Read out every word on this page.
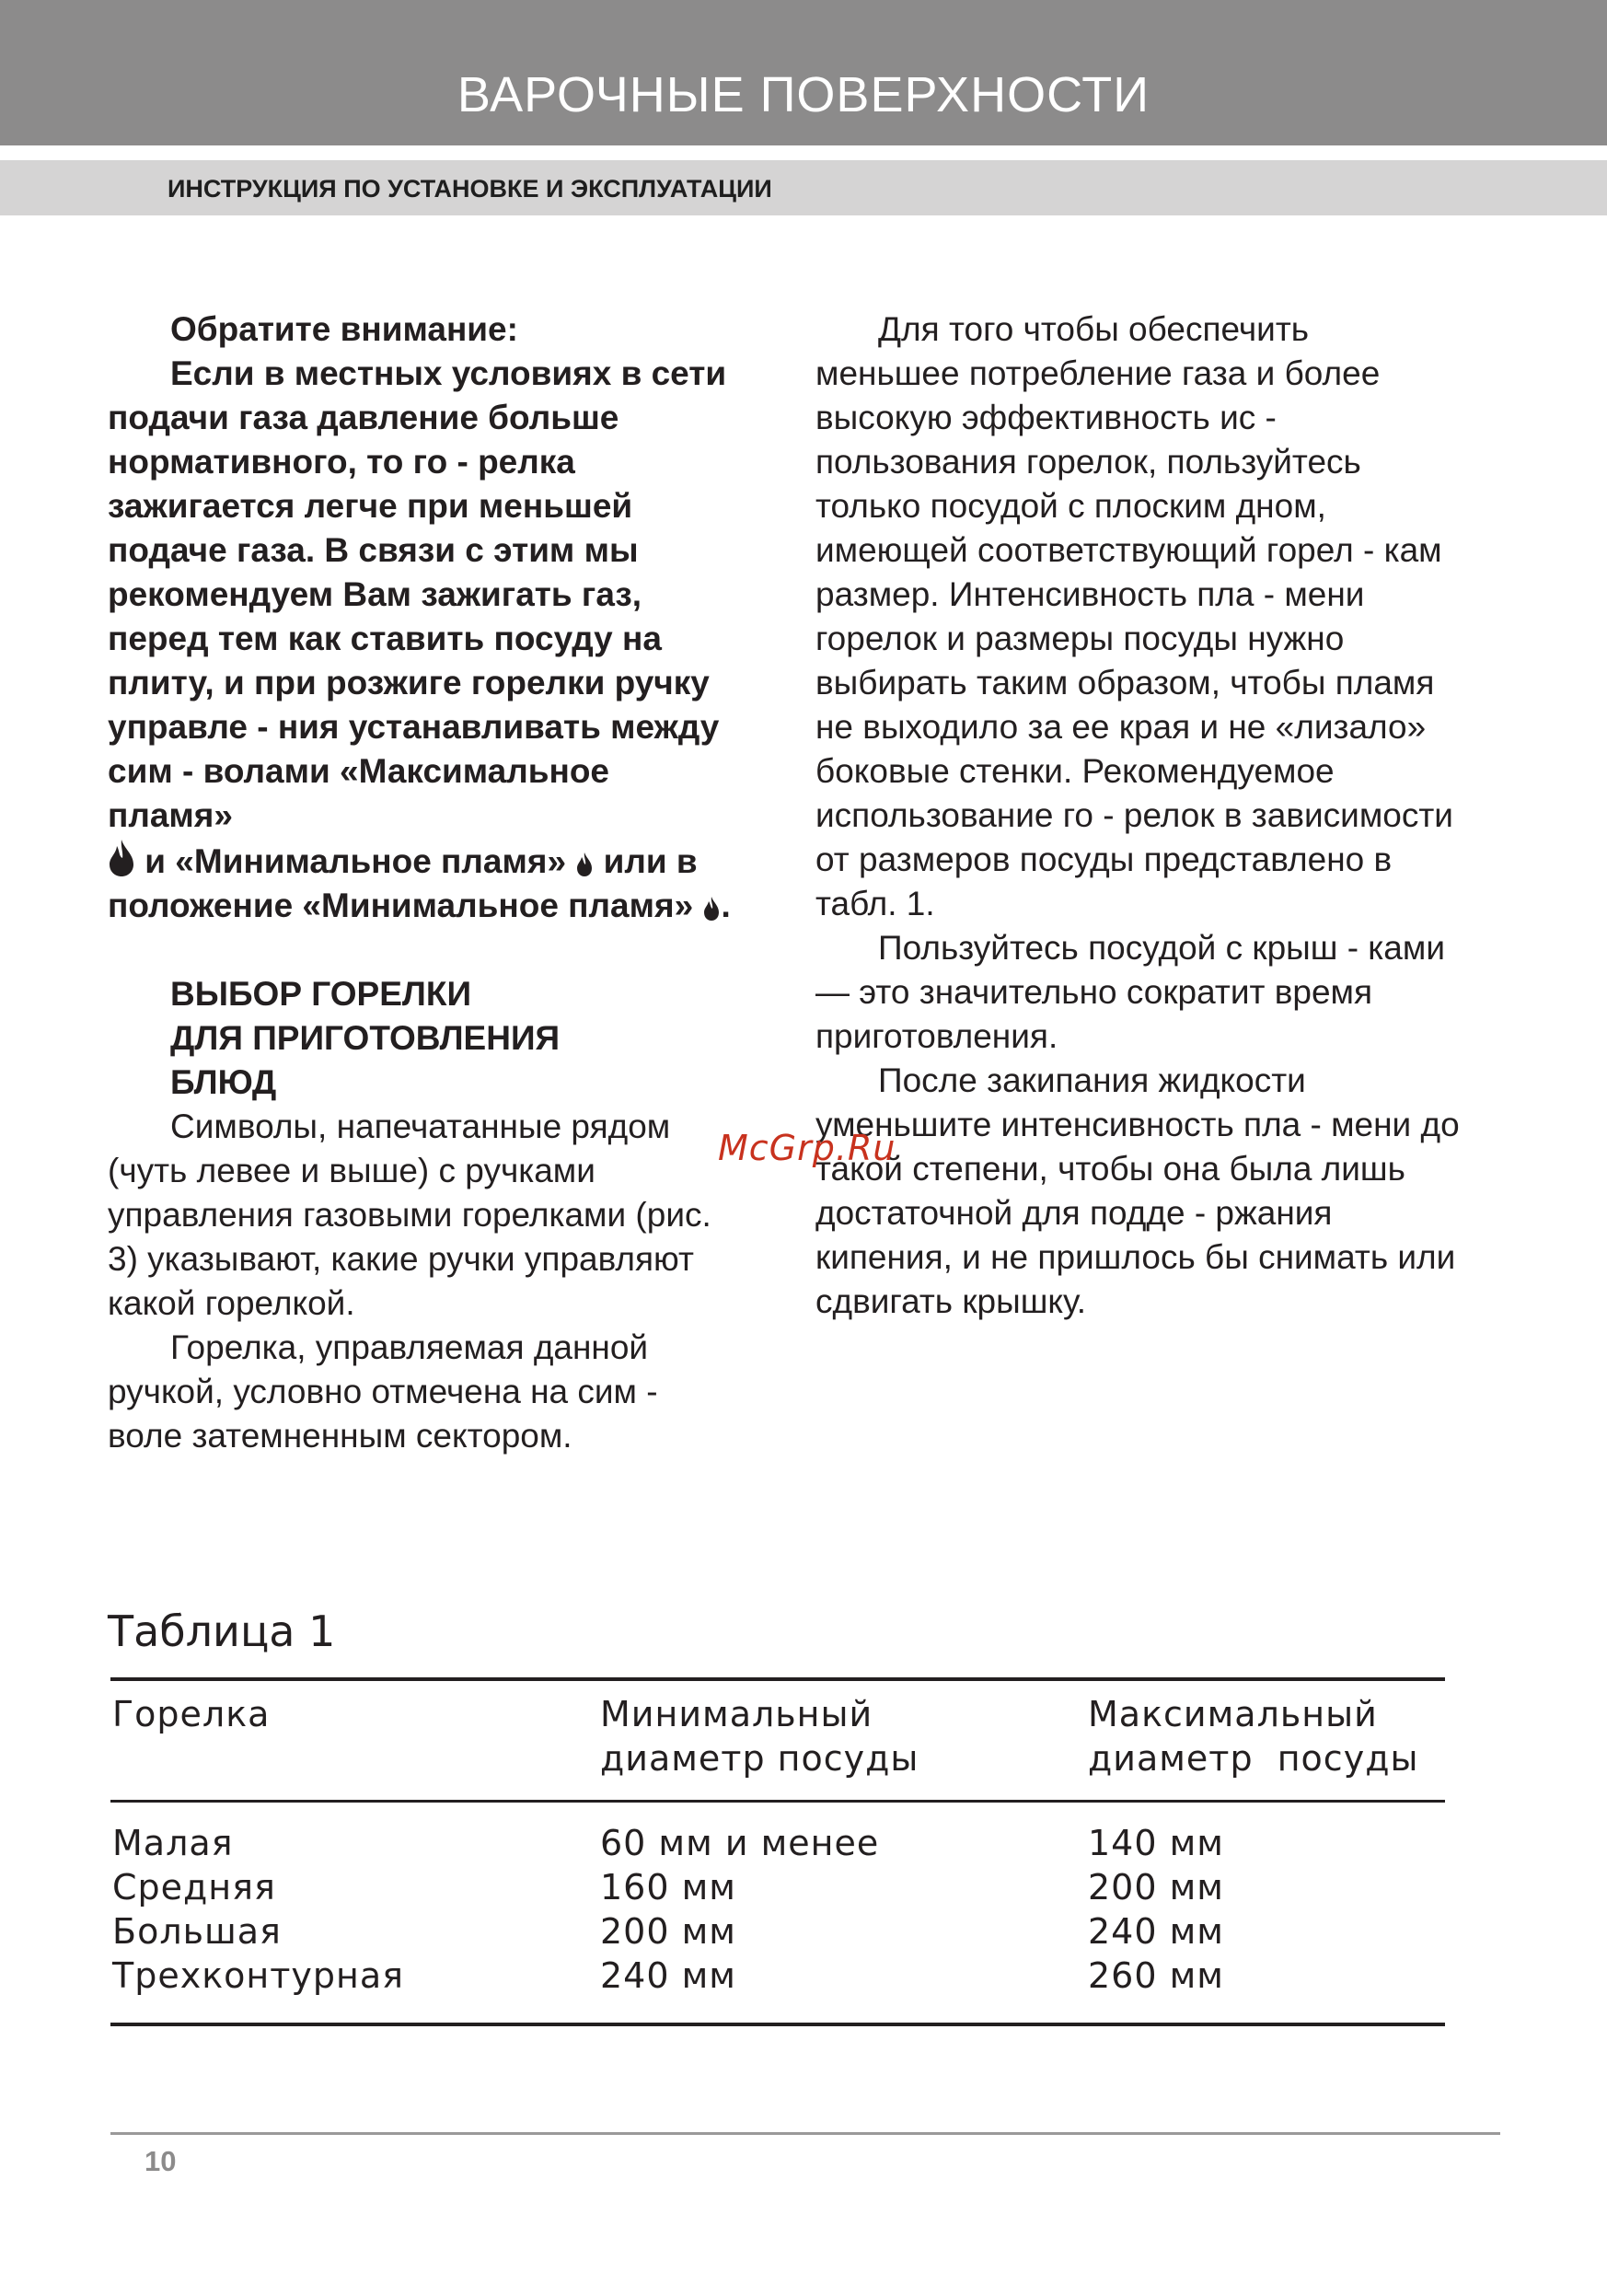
ВАРОЧНЫЕ ПОВЕРХНОСТИ
ИНСТРУКЦИЯ ПО УСТАНОВКЕ И ЭКСПЛУАТАЦИИ

Обратите внимание:

Если в местных условиях в сети подачи газа давление больше нормативного, то го - релка зажигается легче при меньшей подаче газа. В связи с этим мы рекомендуем Вам зажигать газ, перед тем как ставить посуду на плиту, и при розжиге горелки ручку управле - ния устанавливать между сим - волами «Максимальное пламя»
и «Минимальное пламя» или в положение «Минимальное пламя» .

ВЫБОР ГОРЕЛКИ
ДЛЯ ПРИГОТОВЛЕНИЯ
БЛЮД

Символы, напечатанные рядом (чуть левее и выше) с ручками управления газовыми горелками (рис. 3) указывают, какие ручки управляют какой горелкой.

Горелка, управляемая данной ручкой, условно отмечена на сим - воле затемненным сектором.

Для того чтобы обеспечить меньшее потребление газа и более высокую эффективность ис - пользования горелок, пользуйтесь только посудой с плоским дном, имеющей соответствующий горел - кам размер. Интенсивность пла - мени горелок и размеры посуды нужно выбирать таким образом, чтобы пламя не выходило за ее края и не «лизало» боковые стенки. Рекомендуемое использование го - релок в зависимости от размеров посуды представлено в табл. 1.

Пользуйтесь посудой с крыш - ками — это значительно сократит время приготовления.

После закипания жидкости уменьшите интенсивность пла - мени до такой степени, чтобы она была лишь достаточной для подде - ржания кипения, и не пришлось бы снимать или сдвигать крышку.

McGrp.Ru
Таблица 1
Горелка	Минимальный диаметр посуды
Максимальный диаметр  посуды
Малая
Средняя
Большая
Трехконтурная
60 мм и менее
160 мм
200 мм
240 мм
140 мм
200 мм
240 мм
260 мм
10
